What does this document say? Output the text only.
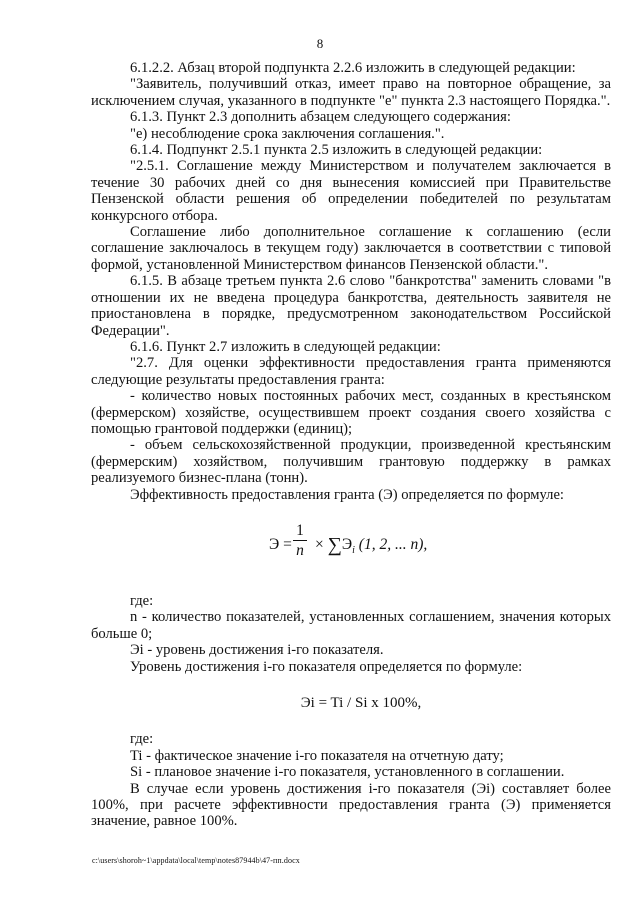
8

6.1.2.2. Абзац второй подпункта 2.2.6 изложить в следующей редакции:

"Заявитель, получивший отказ, имеет право на повторное обращение, за исключением случая, указанного в подпункте "е" пункта 2.3 настоящего Порядка.".

6.1.3. Пункт 2.3 дополнить абзацем следующего содержания:

"е) несоблюдение срока заключения соглашения.".

6.1.4. Подпункт 2.5.1 пункта 2.5 изложить в следующей редакции:

"2.5.1. Соглашение между Министерством и получателем заключается в течение 30 рабочих дней со дня вынесения комиссией при Правительстве Пензенской области решения об определении победителей по результатам конкурсного отбора.

Соглашение либо дополнительное соглашение к соглашению (если соглашение заключалось в текущем году) заключается в соответствии с типовой формой, установленной Министерством финансов Пензенской области.".

6.1.5. В абзаце третьем пункта 2.6 слово "банкротства" заменить словами "в отношении их не введена процедура банкротства, деятельность заявителя не приостановлена в порядке, предусмотренном законодательством Российской Федерации".

6.1.6. Пункт 2.7 изложить в следующей редакции:

"2.7. Для оценки эффективности предоставления гранта применяются следующие результаты предоставления гранта:

- количество новых постоянных рабочих мест, созданных в крестьянском (фермерском) хозяйстве, осуществившем проект создания своего хозяйства с помощью грантовой поддержки (единиц);

- объем сельскохозяйственной продукции, произведенной крестьянским (фермерским) хозяйством, получившим грантовую поддержку в рамках реализуемого бизнес-плана (тонн).

Эффективность предоставления гранта (Э) определяется по формуле:

Э =
1
$n \times \sum Э_i$ (1, 2, ... n),

где:

n - количество показателей, установленных соглашением, значения которых больше 0;

Эi - уровень достижения i-го показателя.

Уровень достижения i-го показателя определяется по формуле:

Эi = Ti / Si x 100%,

где:

Ti - фактическое значение i-го показателя на отчетную дату;

Si - плановое значение i-го показателя, установленного в соглашении.

В случае если уровень достижения i-го показателя (Эi) составляет более 100%, при расчете эффективности предоставления гранта (Э) применяется значение, равное 100%.

c:\users\shoroh~1\appdata\local\temp\notes87944b\47-пп.docx
